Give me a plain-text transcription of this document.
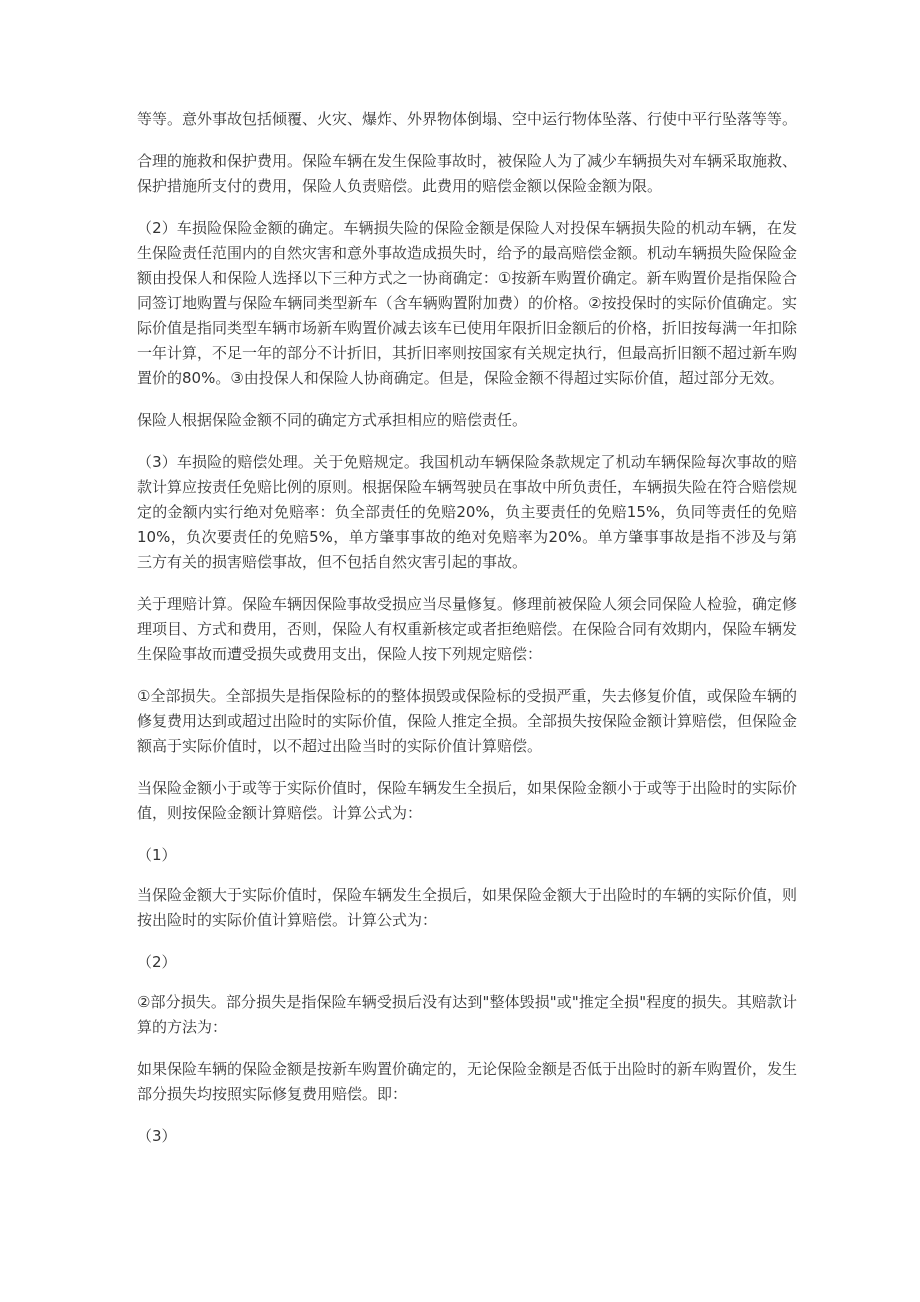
等等。意外事故包括倾覆、火灾、爆炸、外界物体倒塌、空中运行物体坠落、行使中平行坠落等等。

合理的施救和保护费用。保险车辆在发生保险事故时，被保险人为了减少车辆损失对车辆采取施救、保护措施所支付的费用，保险人负责赔偿。此费用的赔偿金额以保险金额为限。

（2）车损险保险金额的确定。车辆损失险的保险金额是保险人对投保车辆损失险的机动车辆，在发生保险责任范围内的自然灾害和意外事故造成损失时，给予的最高赔偿金额。机动车辆损失险保险金额由投保人和保险人选择以下三种方式之一协商确定：①按新车购置价确定。新车购置价是指保险合同签订地购置与保险车辆同类型新车（含车辆购置附加费）的价格。②按投保时的实际价值确定。实际价值是指同类型车辆市场新车购置价减去该车已使用年限折旧金额后的价格，折旧按每满一年扣除一年计算，不足一年的部分不计折旧，其折旧率则按国家有关规定执行，但最高折旧额不超过新车购置价的80%。③由投保人和保险人协商确定。但是，保险金额不得超过实际价值，超过部分无效。

保险人根据保险金额不同的确定方式承担相应的赔偿责任。

（3）车损险的赔偿处理。关于免赔规定。我国机动车辆保险条款规定了机动车辆保险每次事故的赔款计算应按责任免赔比例的原则。根据保险车辆驾驶员在事故中所负责任，车辆损失险在符合赔偿规定的金额内实行绝对免赔率：负全部责任的免赔20%，负主要责任的免赔15%，负同等责任的免赔10%，负次要责任的免赔5%，单方肇事事故的绝对免赔率为20%。单方肇事事故是指不涉及与第三方有关的损害赔偿事故，但不包括自然灾害引起的事故。

关于理赔计算。保险车辆因保险事故受损应当尽量修复。修理前被保险人须会同保险人检验，确定修理项目、方式和费用，否则，保险人有权重新核定或者拒绝赔偿。在保险合同有效期内，保险车辆发生保险事故而遭受损失或费用支出，保险人按下列规定赔偿：

①全部损失。全部损失是指保险标的的整体损毁或保险标的受损严重，失去修复价值，或保险车辆的修复费用达到或超过出险时的实际价值，保险人推定全损。全部损失按保险金额计算赔偿，但保险金额高于实际价值时，以不超过出险当时的实际价值计算赔偿。

当保险金额小于或等于实际价值时，保险车辆发生全损后，如果保险金额小于或等于出险时的实际价值，则按保险金额计算赔偿。计算公式为：

（1）

当保险金额大于实际价值时，保险车辆发生全损后，如果保险金额大于出险时的车辆的实际价值，则按出险时的实际价值计算赔偿。计算公式为：

（2）

②部分损失。部分损失是指保险车辆受损后没有达到"整体毁损"或"推定全损"程度的损失。其赔款计算的方法为：

如果保险车辆的保险金额是按新车购置价确定的，无论保险金额是否低于出险时的新车购置价，发生部分损失均按照实际修复费用赔偿。即：

（3）
